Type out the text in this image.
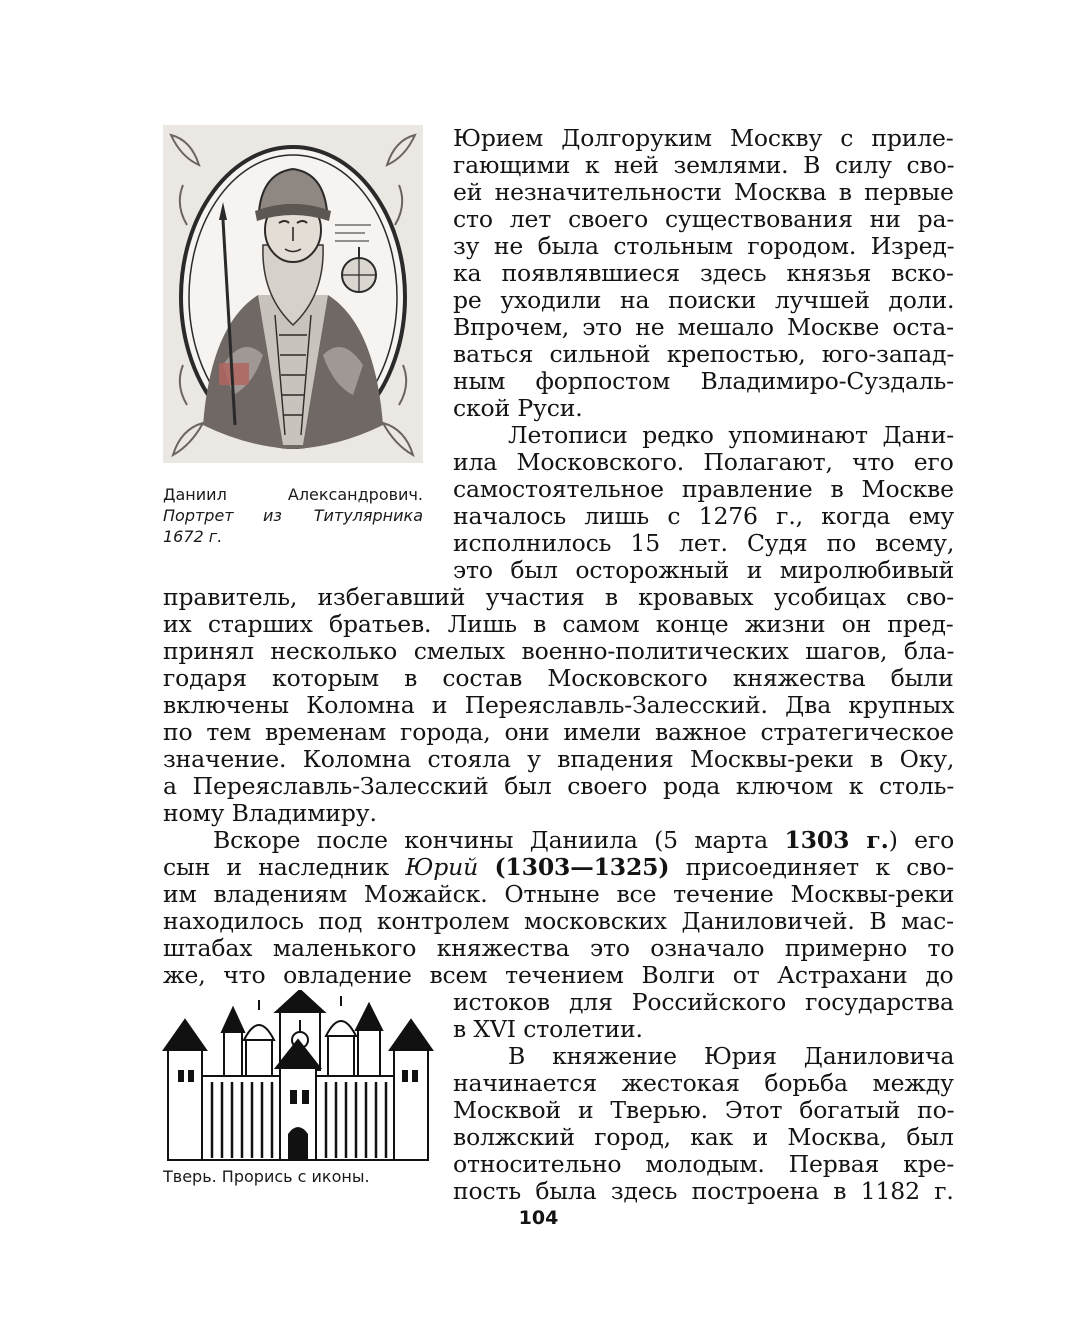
Даниил	Александрович.

Портрет из Титулярника

1672 г.

Юрием Долгоруким Москву с приле-

гающими к ней землями. В силу сво-

ей незначительности Москва в первые

сто лет своего существования ни ра-

зу не была стольным городом. Изред-

ка появлявшиеся здесь князья вско-

ре уходили на поиски лучшей доли.

Впрочем, это не мешало Москве оста-

ваться сильной крепостью, юго-запад-

ным форпостом Владимиро-Суздаль-

ской Руси.

Летописи редко упоминают Дани-

ила Московского. Полагают, что его

самостоятельное правление в Москве

началось лишь с 1276 г., когда ему

исполнилось 15 лет. Судя по всему,

это был осторожный и миролюбивый

правитель, избегавший участия в кровавых усобицах сво-

их старших братьев. Лишь в самом конце жизни он пред-

принял несколько смелых военно-политических шагов, бла-

годаря которым в состав Московского княжества были

включены Коломна и Переяславль-Залесский. Два крупных

по тем временам города, они имели важное стратегическое

значение. Коломна стояла у впадения Москвы-реки в Оку,

а Переяславль-Залесский был своего рода ключом к столь-

ному Владимиру.

Вскоре после кончины Даниила (5 марта 1303 г.) его

сын и наследник Юрий (1303—1325) присоединяет к сво-

им владениям Можайск. Отныне все течение Москвы-реки

находилось под контролем московских Даниловичей. В мас-

штабах маленького княжества это означало примерно то

же, что овладение всем течением Волги от Астрахани до

Тверь. Прорись с иконы.

истоков для Российского государства

в XVI столетии.

В княжение Юрия Даниловича

начинается жестокая борьба между

Москвой и Тверью. Этот богатый по-

волжский город, как и Москва, был

относительно молодым. Первая кре-

пость была здесь построена в 1182 г.

104
